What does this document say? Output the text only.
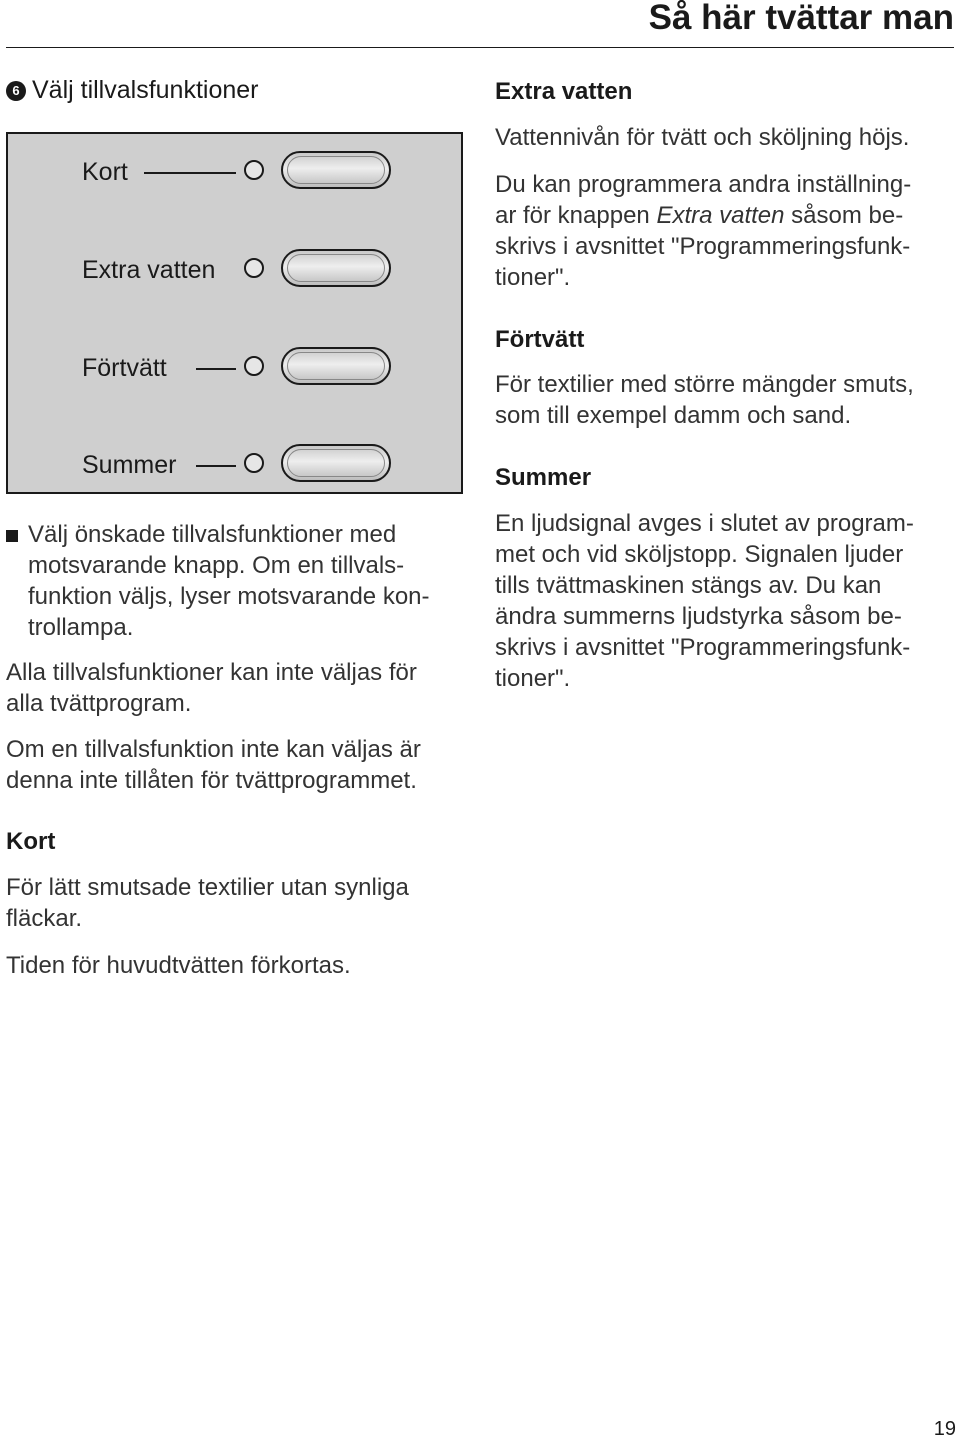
Så här tvättar man
6 Välj tillvalsfunktioner
Kort
Extra vatten
Förtvätt
Summer
Välj önskade tillvalsfunktioner med
motsvarande knapp. Om en tillvals-
funktion väljs, lyser motsvarande kon-
trollampa.
Alla tillvalsfunktioner kan inte väljas för
alla tvättprogram.
Om en tillvalsfunktion inte kan väljas är
denna inte tillåten för tvättprogrammet.
Kort
För lätt smutsade textilier utan synliga
fläckar.
Tiden för huvudtvätten förkortas.
Extra vatten
Vattennivån för tvätt och sköljning höjs.
Du kan programmera andra inställning-
ar för knappen Extra vatten såsom be-
skrivs i avsnittet "Programmeringsfunk-
tioner".
Förtvätt
För textilier med större mängder smuts,
som till exempel damm och sand.
Summer
En ljudsignal avges i slutet av program-
met och vid sköljstopp. Signalen ljuder
tills tvättmaskinen stängs av. Du kan
ändra summerns ljudstyrka såsom be-
skrivs i avsnittet "Programmeringsfunk-
tioner".
19
